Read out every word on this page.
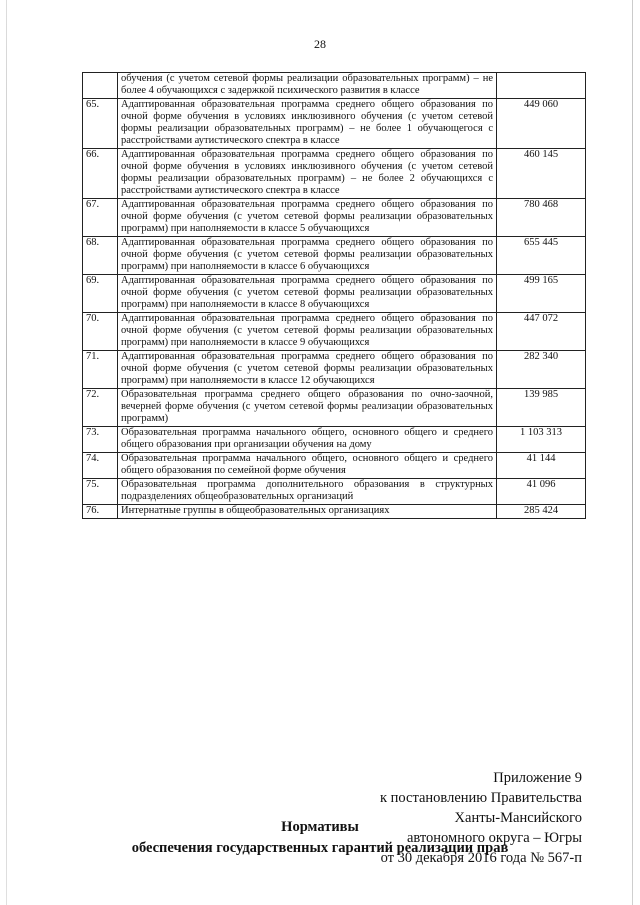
28
	обучения (с учетом сетевой формы реализации образовательных программ) – не более 4 обучающихся с задержкой психического развития в классе	
65.	Адаптированная образовательная программа среднего общего образования по очной форме обучения в условиях инклюзивного обучения (с учетом сетевой формы реализации образовательных программ) – не более 1 обучающегося с расстройствами аутистического спектра в классе	449 060
66.	Адаптированная образовательная программа среднего общего образования по очной форме обучения в условиях инклюзивного обучения (с учетом сетевой формы реализации образовательных программ) – не более 2 обучающихся с расстройствами аутистического спектра в классе	460 145
67.	Адаптированная образовательная программа среднего общего образования по очной форме обучения (с учетом сетевой формы реализации образовательных программ) при наполняемости в классе 5 обучающихся	780 468
68.	Адаптированная образовательная программа среднего общего образования по очной форме обучения (с учетом сетевой формы реализации образовательных программ) при наполняемости в классе 6 обучающихся	655 445
69.	Адаптированная образовательная программа среднего общего образования по очной форме обучения (с учетом сетевой формы реализации образовательных программ) при наполняемости в классе 8 обучающихся	499 165
70.	Адаптированная образовательная программа среднего общего образования по очной форме обучения (с учетом сетевой формы реализации образовательных программ) при наполняемости в классе 9 обучающихся	447 072
71.	Адаптированная образовательная программа среднего общего образования по очной форме обучения (с учетом сетевой формы реализации образовательных программ) при наполняемости в классе 12 обучающихся	282 340
72.	Образовательная программа среднего общего образования по очно-заочной, вечерней форме обучения (с учетом сетевой формы реализации образовательных программ)	139 985
73.	Образовательная программа начального общего, основного общего и среднего общего образования при организации обучения на дому	1 103 313
74.	Образовательная программа начального общего, основного общего и среднего общего образования по семейной форме обучения	41 144
75.	Образовательная программа дополнительного образования в структурных подразделениях общеобразовательных организаций	41 096
76.	Интернатные группы в общеобразовательных организациях	285 424
Приложение 9
к постановлению Правительства
Ханты-Мансийского
автономного округа – Югры
от 30 декабря 2016 года № 567-п
Нормативы
обеспечения государственных гарантий реализации прав
